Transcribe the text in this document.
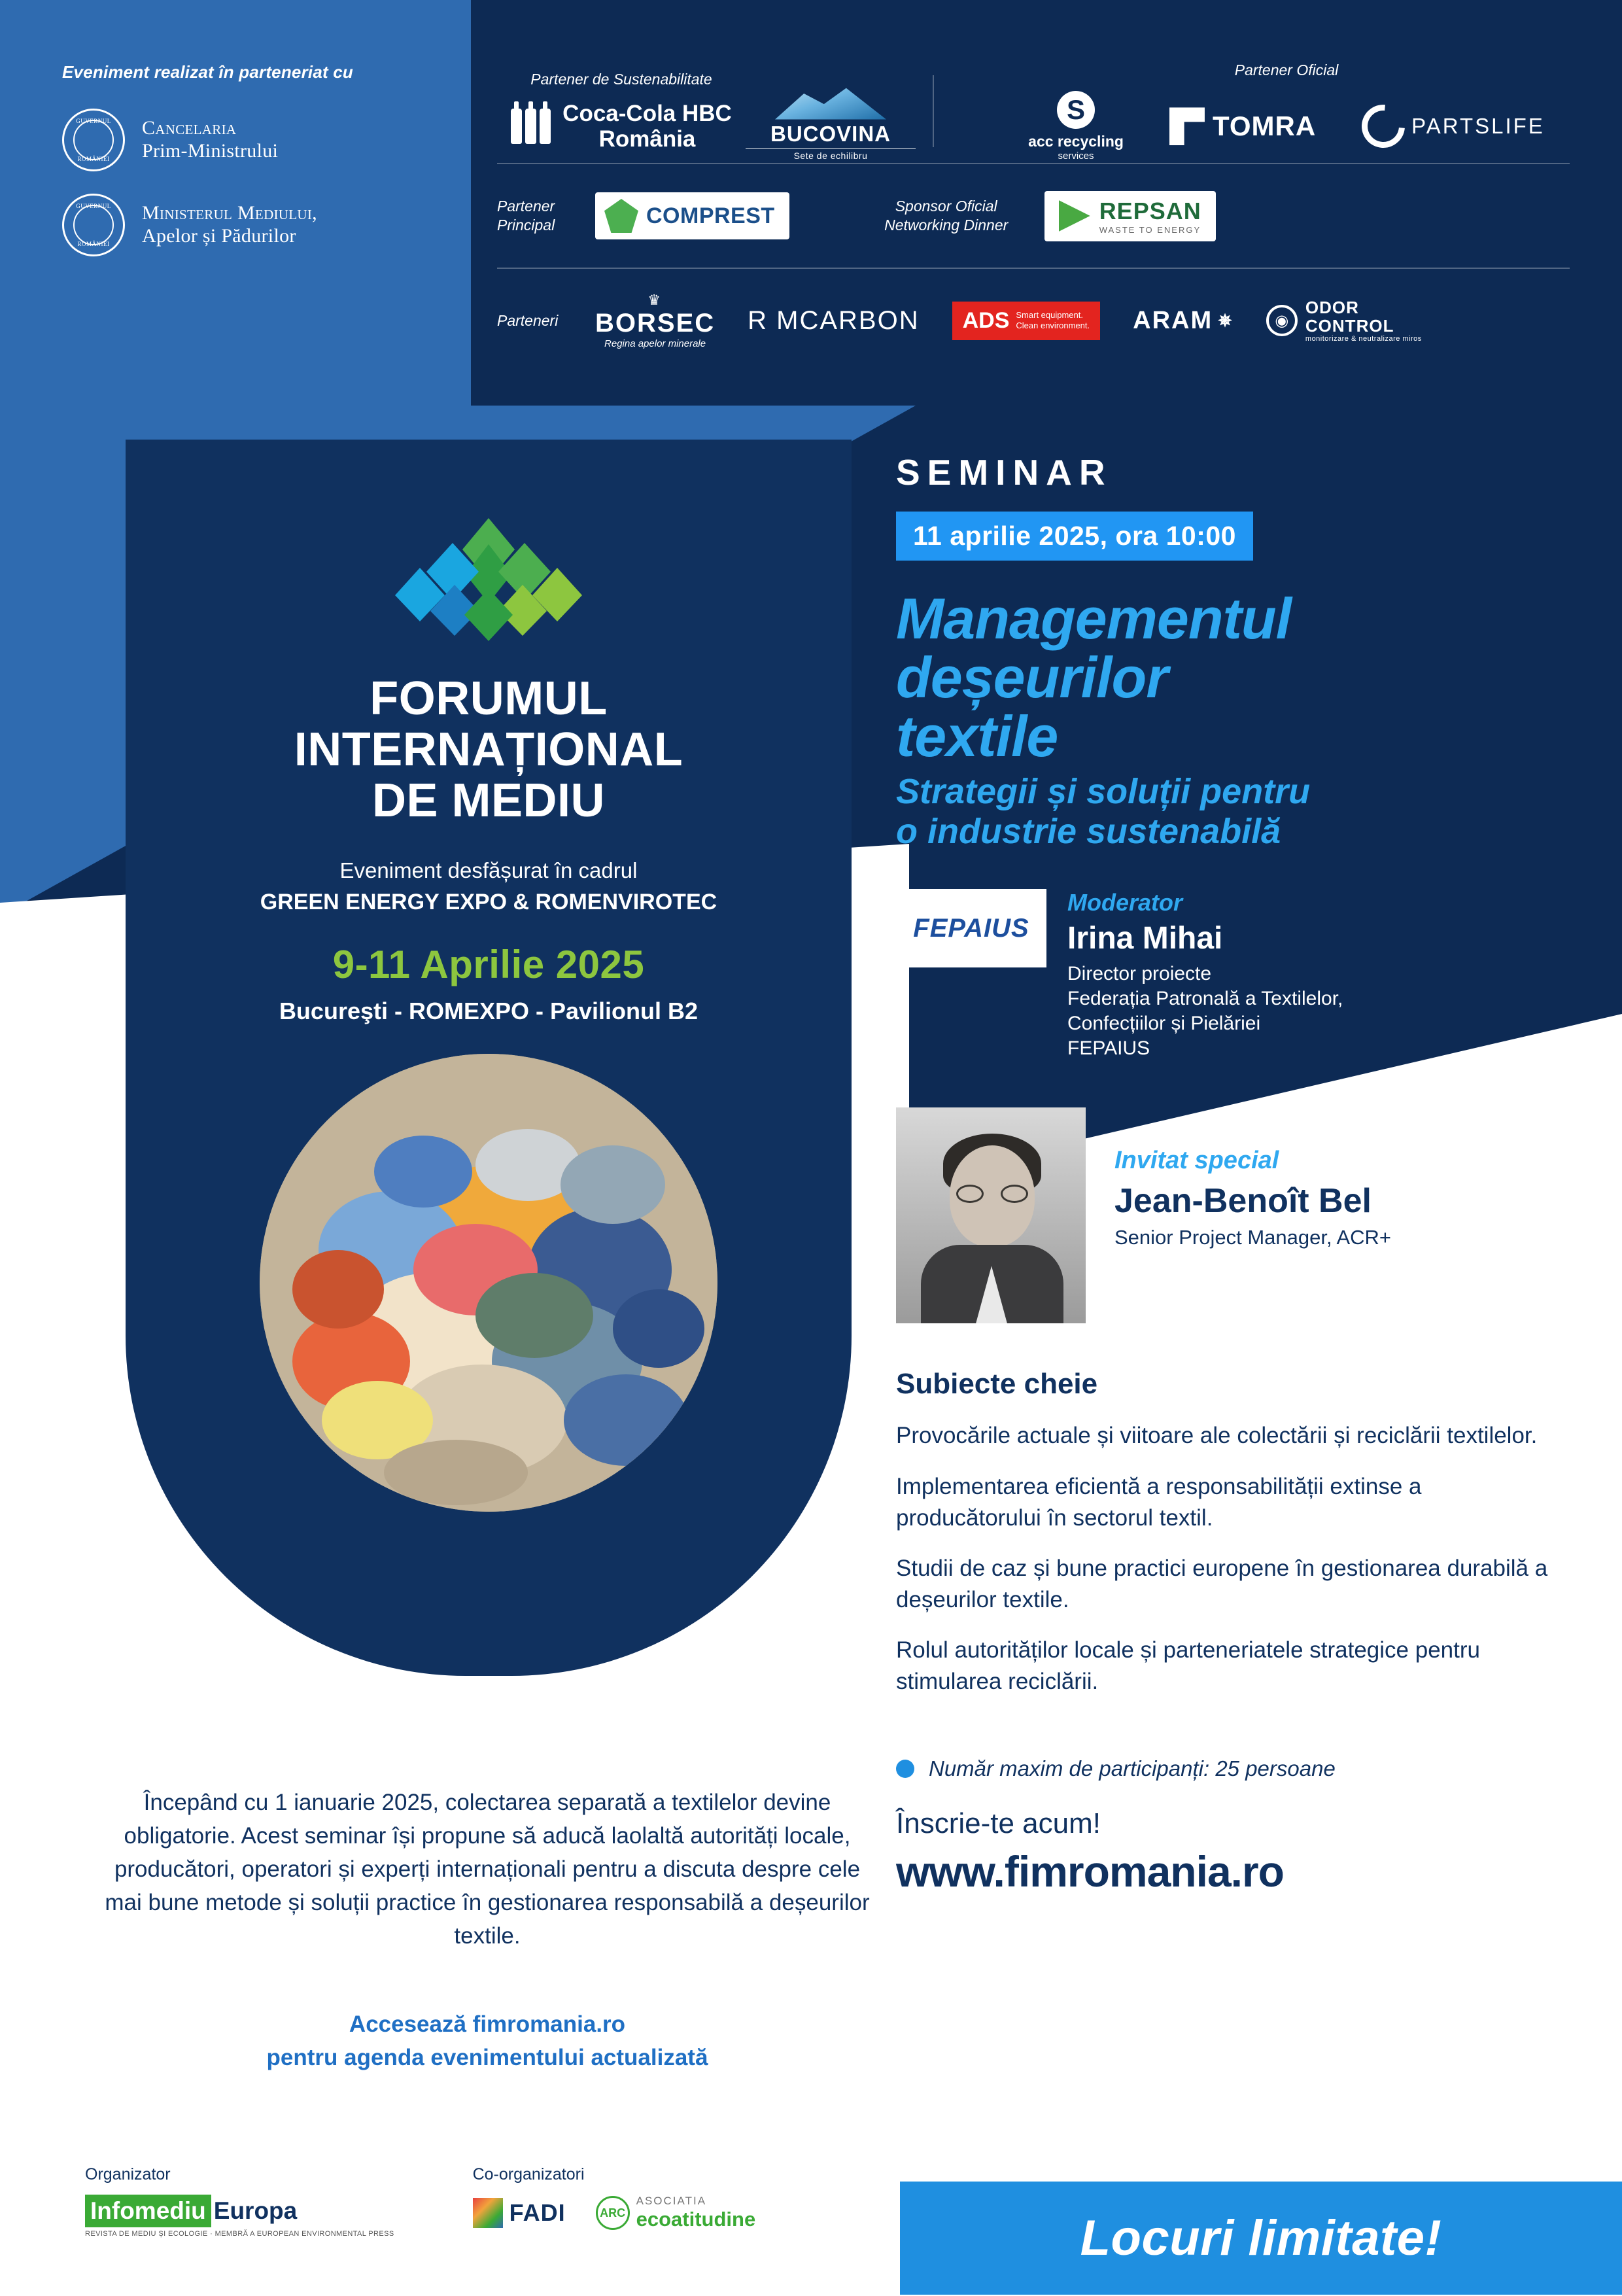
Eveniment realizat în parteneriat cu
GUVERNUL
ROMÂNIEI
Cancelaria
Prim-Ministrului
GUVERNUL
ROMÂNIEI
Ministerul Mediului,
Apelor și Pădurilor
Partener de Sustenabilitate
Coca-Cola HBC
România	BUCOVINA
Sete de echilibru
Partener Oficial
S
acc recycling
services
TOMRA	PARTSLIFE
Partener
Principal	COMPREST	Sponsor Oficial
Networking Dinner
REPSAN
WASTE TO ENERGY
Parteneri
♛
BORSEC
Regina apelor minerale
R MCARBON ADS Smart equipment.
Clean environment. ARAM ✵	◉
ODOR
CONTROL
monitorizare & neutralizare miros
FORUMUL
INTERNAȚIONAL
DE MEDIU
Eveniment desfășurat în cadrul
GREEN ENERGY EXPO & ROMENVIROTEC
9-11 Aprilie 2025
Bucureşti - ROMEXPO - Pavilionul B2
Începând cu 1 ianuarie 2025, colectarea separată a textilelor devine obligatorie. Acest seminar își propune să aducă laolaltă autorități locale, producători, operatori și experți internaționali pentru a discuta despre cele mai bune metode și soluții practice în gestionarea responsabilă a deșeurilor textile.
Accesează fimromania.ro
pentru agenda evenimentului actualizată
Organizator
Infomediu Europa
REVISTA DE MEDIU ȘI ECOLOGIE · MEMBRĂ A EUROPEAN ENVIRONMENTAL PRESS
Co-organizatori
FADI	ARC
ASOCIATIA
ecoatitudine
SEMINAR
11 aprilie 2025, ora 10:00
Managementul
deșeurilor
textile
Strategii și soluții pentru
o industrie sustenabilă
FEPAIUS
Moderator
Irina Mihai
Director proiecte
Federația Patronală a Textilelor,
Confecțiilor și Pielăriei
FEPAIUS
Invitat special
Jean-Benoît Bel
Senior Project Manager, ACR+
Subiecte cheie
Provocările actuale și viitoare ale colectării și reciclării textilelor.
Implementarea eficientă a responsabilității extinse a producătorului în sectorul textil.
Studii de caz și bune practici europene în gestionarea durabilă a deșeurilor textile.
Rolul autorităților locale și parteneriatele strategice pentru stimularea reciclării.
Număr maxim de participanți: 25 persoane
Înscrie-te acum!
www.fimromania.ro
Locuri limitate!
